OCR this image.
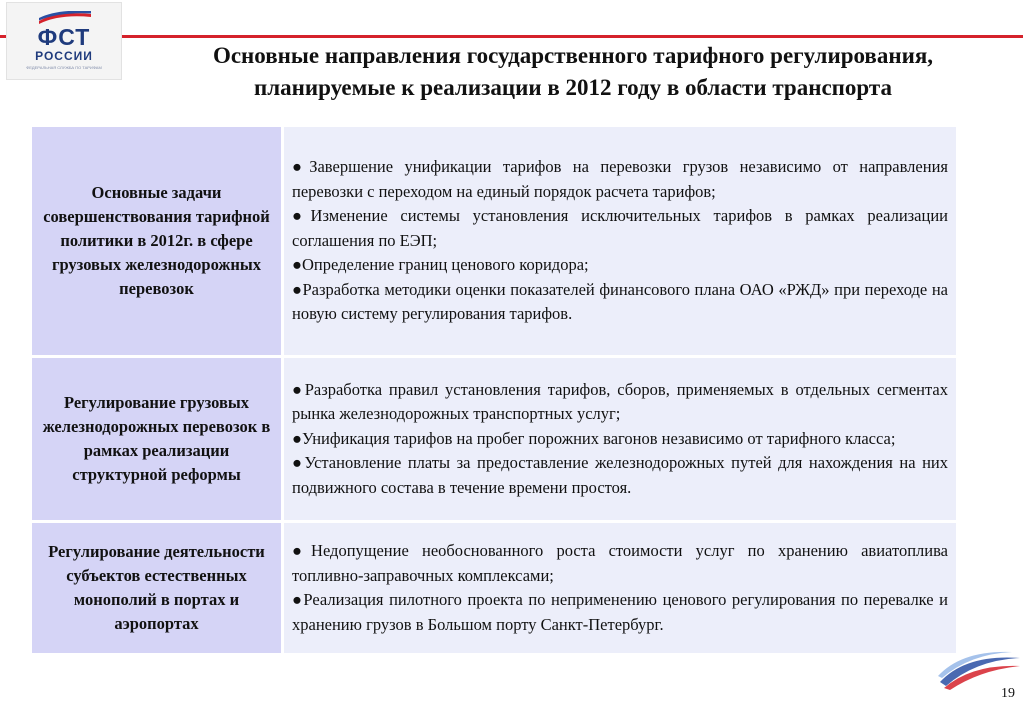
ФСТ
РОССИИ
ФЕДЕРАЛЬНАЯ СЛУЖБА ПО ТАРИФАМ	Основные направления государственного тарифного регулирования,
планируемые к реализации в 2012 году в области транспорта
Основные задачи совершенствования тарифной политики в 2012г. в сфере грузовых железнодорожных перевозок	●Завершение унификации тарифов на перевозки грузов независимо от направления перевозки с переходом на единый порядок расчета тарифов;
●Изменение системы установления исключительных тарифов в рамках реализации соглашения по ЕЭП;
●Определение границ ценового коридора;
●Разработка методики оценки показателей финансового плана ОАО «РЖД» при переходе на новую систему регулирования тарифов.

Регулирование грузовых железнодорожных перевозок в рамках реализации структурной реформы	●Разработка правил установления тарифов, сборов, применяемых в отдельных сегментах рынка железнодорожных транспортных услуг;
●Унификация тарифов на пробег порожних вагонов независимо от тарифного класса;
●Установление платы за предоставление железнодорожных путей для нахождения на них подвижного состава в течение времени простоя.

Регулирование деятельности субъектов естественных монополий в портах и аэропортах	●Недопущение необоснованного роста стоимости услуг по хранению авиатоплива топливно-заправочных комплексами;
●Реализация пилотного проекта по неприменению ценового регулирования по перевалке и хранению грузов в Большом порту Санкт-Петербург.
19
